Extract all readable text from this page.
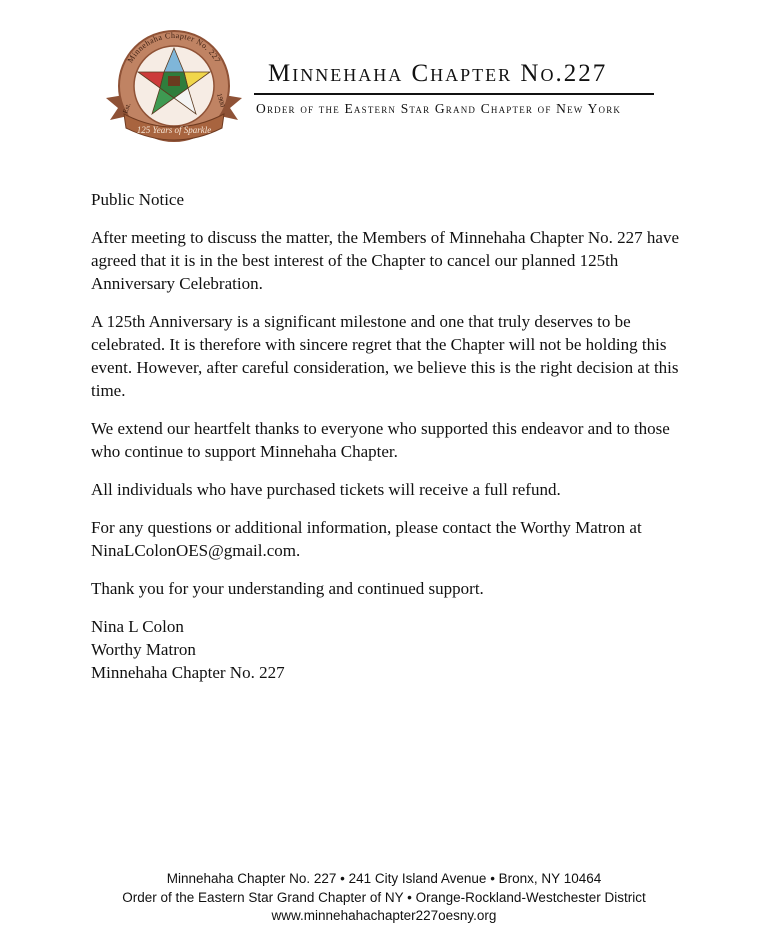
Minnehaha Chapter No. 227
Est.
1900
125 Years of Sparkle
Minnehaha Chapter No.227
Order of the Eastern Star Grand Chapter of New York

Public Notice

After meeting to discuss the matter, the Members of Minnehaha Chapter No. 227 have agreed that it is in the best interest of the Chapter to cancel our planned 125th Anniversary Celebration.

A 125th Anniversary is a significant milestone and one that truly deserves to be celebrated. It is therefore with sincere regret that the Chapter will not be holding this event. However, after careful consideration, we believe this is the right decision at this time.

We extend our heartfelt thanks to everyone who supported this endeavor and to those who continue to support Minnehaha Chapter.

All individuals who have purchased tickets will receive a full refund.

For any questions or additional information, please contact the Worthy Matron at NinaLColonOES@gmail.com.

Thank you for your understanding and continued support.

Nina L Colon
Worthy Matron
Minnehaha Chapter No. 227
Minnehaha Chapter No. 227 • 241 City Island Avenue • Bronx, NY 10464
Order of the Eastern Star Grand Chapter of NY • Orange-Rockland-Westchester District
www.minnehahachapter227oesny.org
